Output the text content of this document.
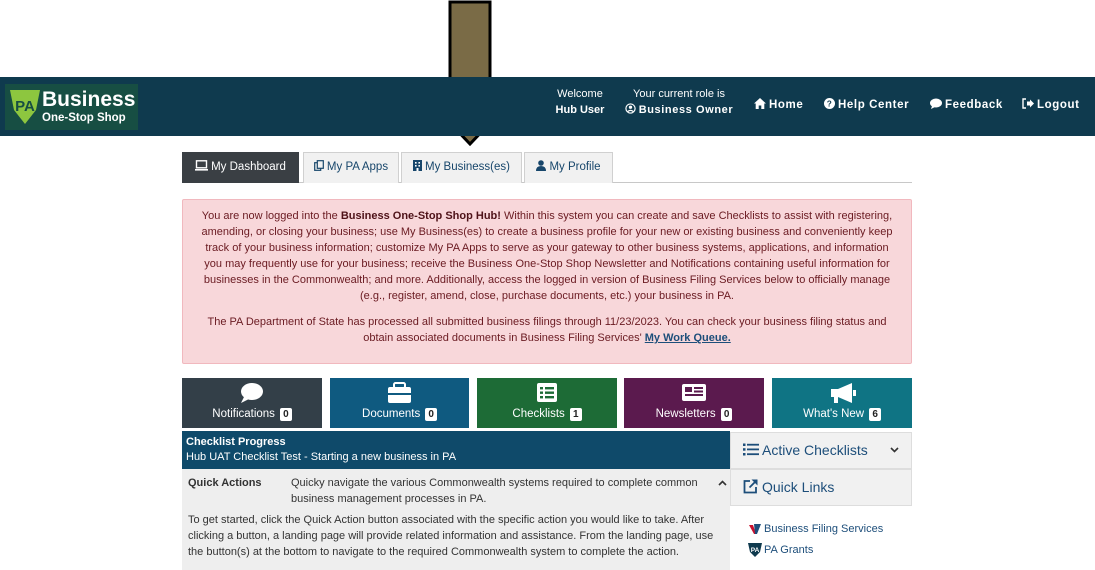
PA Business
One-Stop Shop
Welcome
Hub User
Your current role is
Business Owner	Home	? Help Center	Feedback	Logout
My Dashboard	My PA Apps	My Business(es)	My Profile

You are now logged into the Business One-Stop Shop Hub! Within this system you can create and save Checklists to assist with registering, amending, or closing your business; use My Business(es) to create a business profile for your new or existing business and conveniently keep track of your business information; customize My PA Apps to serve as your gateway to other business systems, applications, and information you may frequently use for your business; receive the Business One-Stop Shop Newsletter and Notifications containing useful information for businesses in the Commonwealth; and more. Additionally, access the logged in version of Business Filing Services below to officially manage (e.g., register, amend, close, purchase documents, etc.) your business in PA.

The PA Department of State has processed all submitted business filings through 11/23/2023. You can check your business filing status and obtain associated documents in Business Filing Services' My Work Queue.

Notifications 0	Documents 0	Checklists 1	Newsletters 0	What's New 6
Checklist Progress
Hub UAT Checklist Test - Starting a new business in PA
Quick Actions	Quicky navigate the various Commonwealth systems required to complete common business management processes in PA.
To get started, click the Quick Action button associated with the specific action you would like to take. After clicking a button, a landing page will provide related information and assistance. From the landing page, use the button(s) at the bottom to navigate to the required Commonwealth system to complete the action.
Active Checklists
Quick Links
Business Filing Services
PA PA Grants
